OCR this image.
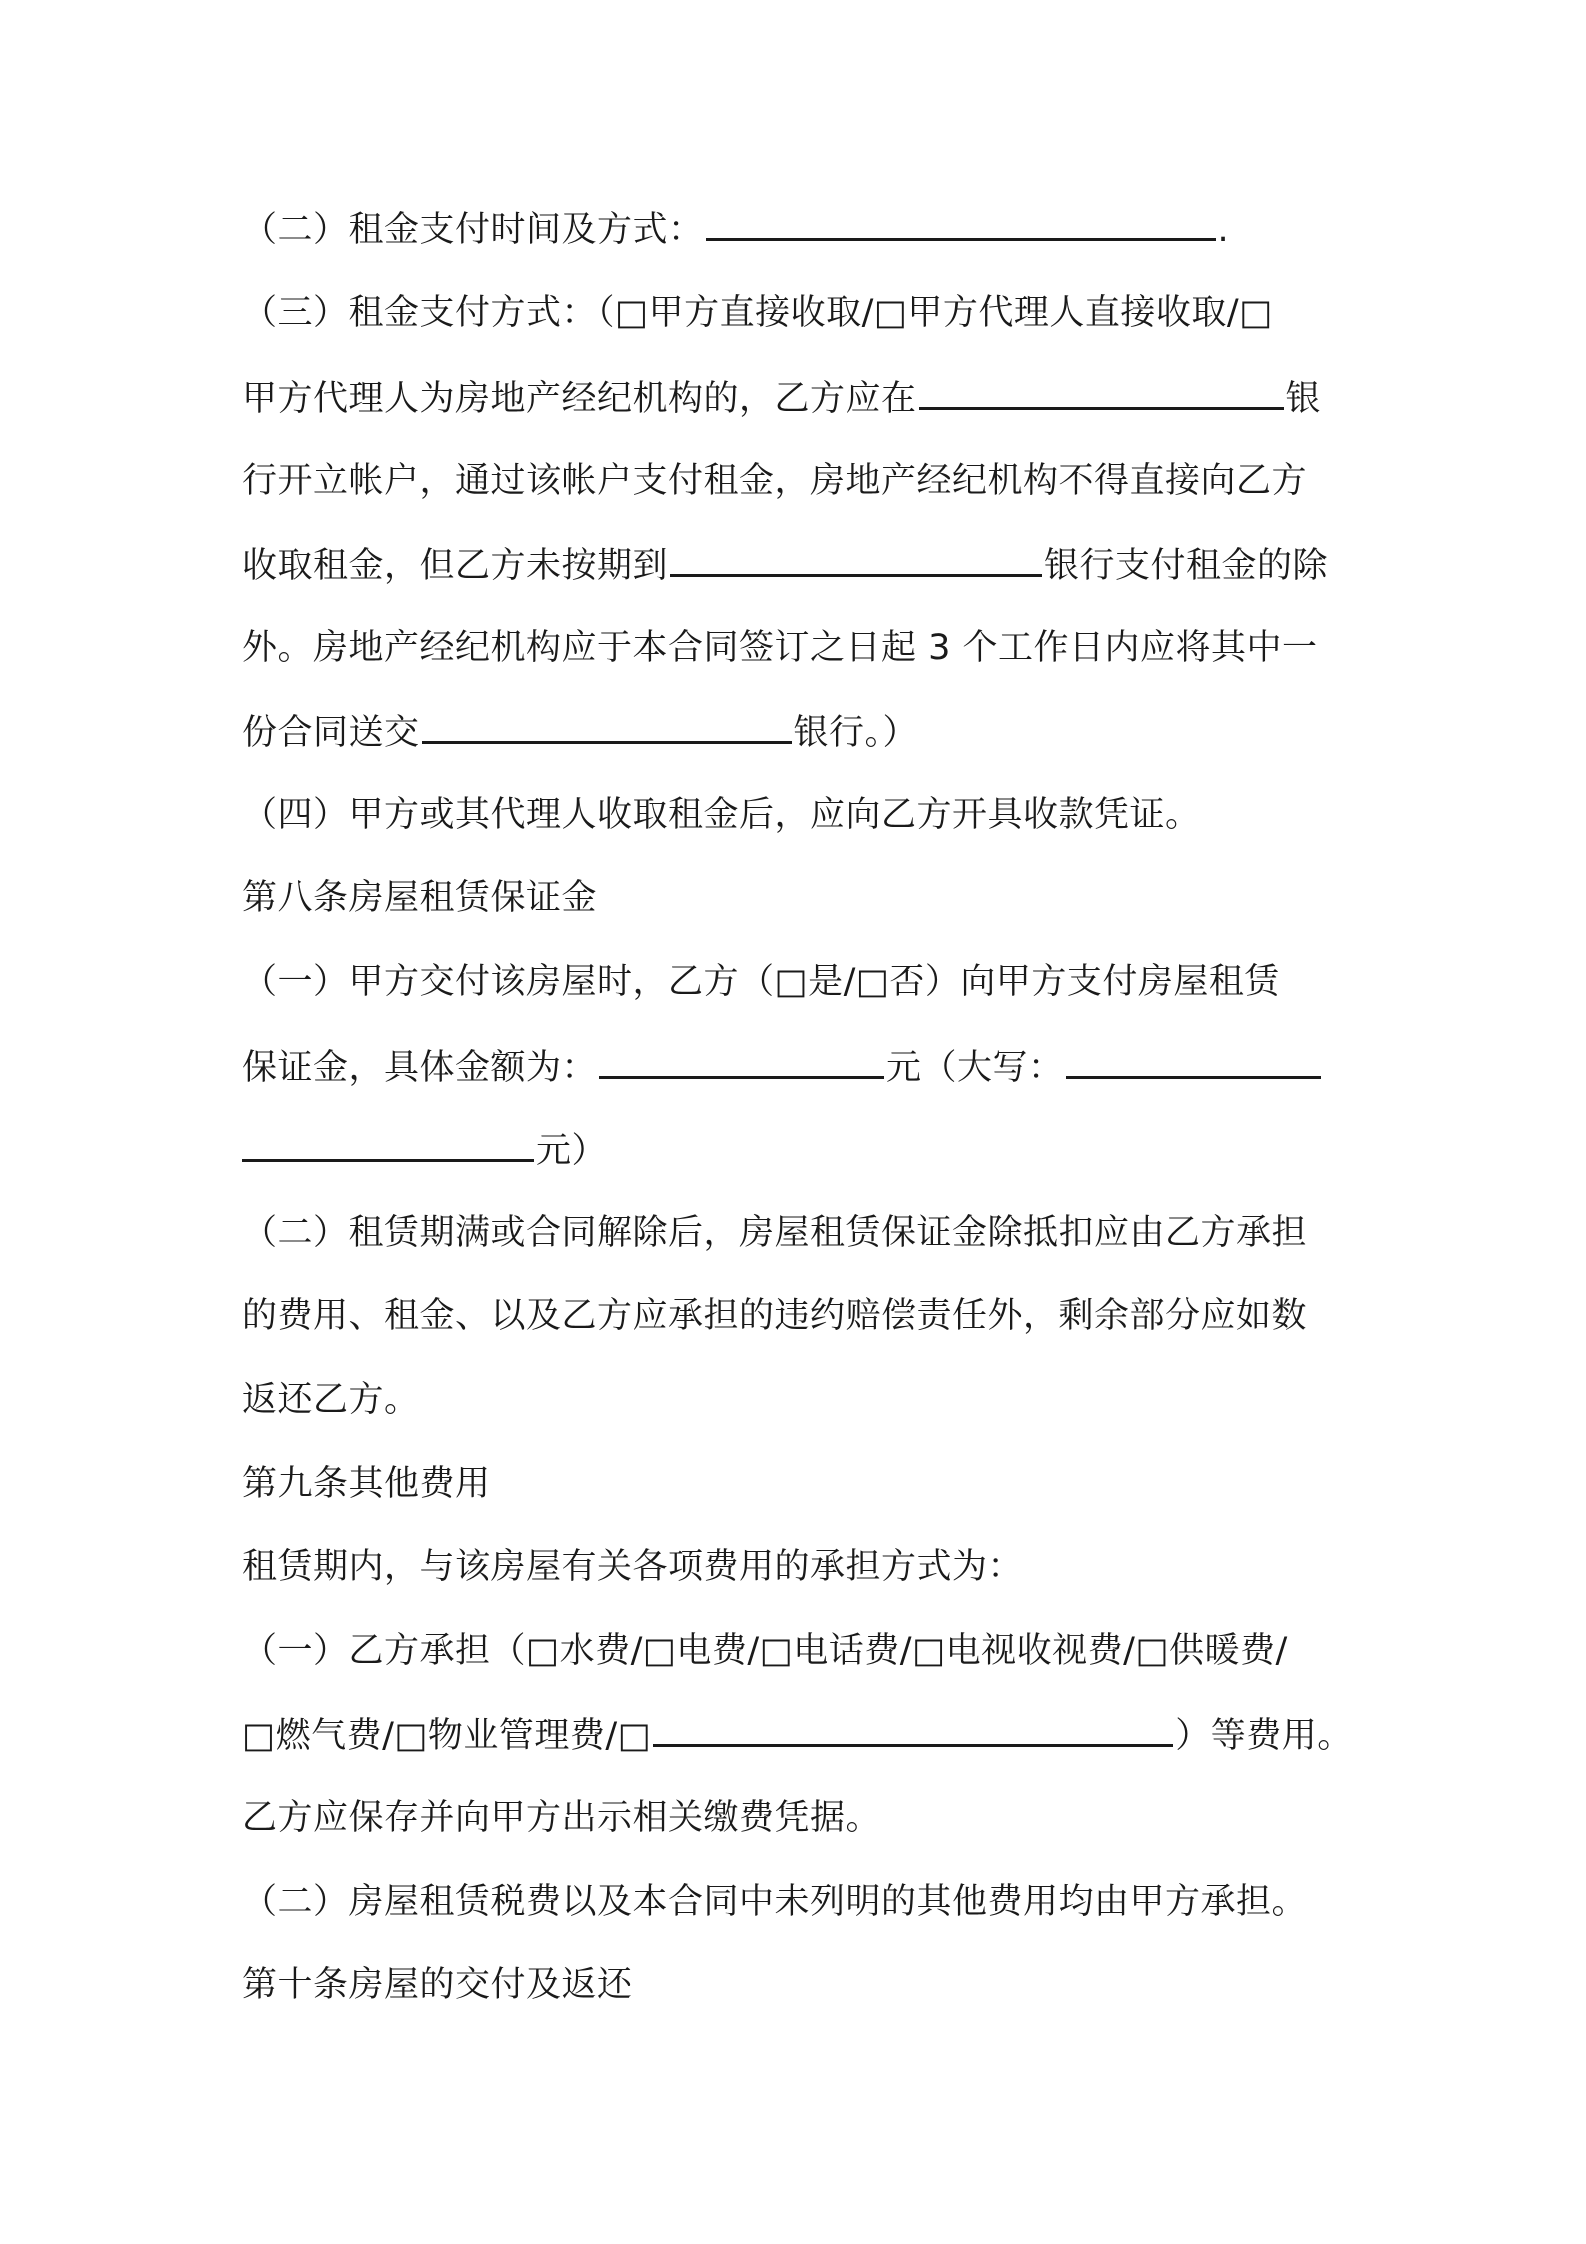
（二）租金支付时间及方式：	.
（三）租金支付方式：（□甲方直接收取/□甲方代理人直接收取/□
甲方代理人为房地产经纪机构的，乙方应在	银
行开立帐户，通过该帐户支付租金，房地产经纪机构不得直接向乙方
收取租金，但乙方未按期到	银行支付租金的除
外。房地产经纪机构应于本合同签订之日起 3 个工作日内应将其中一
份合同送交	银行。）
（四）甲方或其代理人收取租金后，应向乙方开具收款凭证。
第八条房屋租赁保证金
（一）甲方交付该房屋时，乙方（□是/□否）向甲方支付房屋租赁
保证金，具体金额为：	元（大写：
元）
（二）租赁期满或合同解除后，房屋租赁保证金除抵扣应由乙方承担
的费用、租金、以及乙方应承担的违约赔偿责任外，剩余部分应如数
返还乙方。
第九条其他费用
租赁期内，与该房屋有关各项费用的承担方式为：
（一）乙方承担（□水费/□电费/□电话费/□电视收视费/□供暖费/
□燃气费/□物业管理费/□	）等费用。
乙方应保存并向甲方出示相关缴费凭据。
（二）房屋租赁税费以及本合同中未列明的其他费用均由甲方承担。
第十条房屋的交付及返还
